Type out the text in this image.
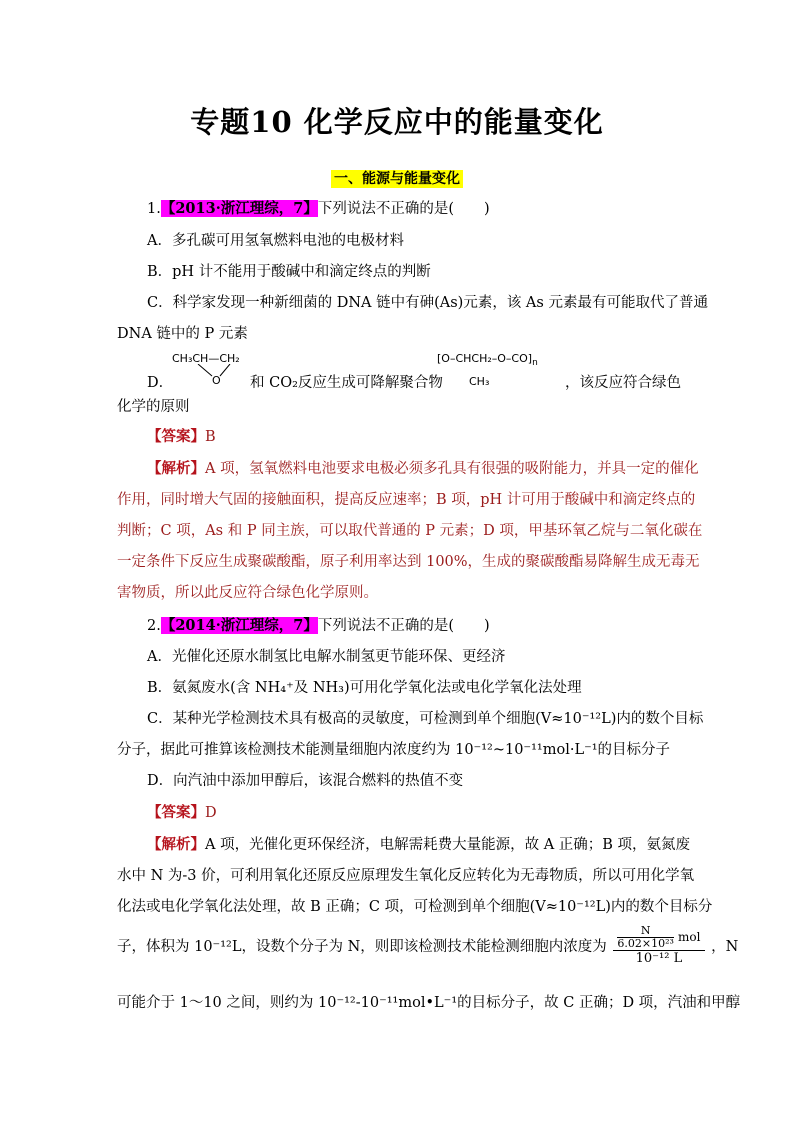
专题10 化学反应中的能量变化
一、能源与能量变化
1.【2013·浙江理综，7】下列说法不正确的是( )
A．多孔碳可用氢氧燃料电池的电极材料
B．pH 计不能用于酸碱中和滴定终点的判断
C．科学家发现一种新细菌的 DNA 链中有砷(As)元素，该 As 元素最有可能取代了普通
DNA 链中的 P 元素
CH₃CH—CH₂
O
D．	和 CO₂反应生成可降解聚合物
$[O-CHCH_2-O-CO]_n$
CH₃	，该反应符合绿色
化学的原则
【答案】B
【解析】A 项，氢氧燃料电池要求电极必须多孔具有很强的吸附能力，并具一定的催化
作用，同时增大气固的接触面积，提高反应速率；B 项，pH 计可用于酸碱中和滴定终点的
判断；C 项，As 和 P 同主族，可以取代普通的 P 元素；D 项，甲基环氧乙烷与二氧化碳在
一定条件下反应生成聚碳酸酯，原子利用率达到 100%，生成的聚碳酸酯易降解生成无毒无
害物质，所以此反应符合绿色化学原则。
2.【2014·浙江理综，7】下列说法不正确的是( )
A．光催化还原水制氢比电解水制氢更节能环保、更经济
B．氨氮废水(含 NH₄⁺及 NH₃)可用化学氧化法或电化学氧化法处理
C．某种光学检测技术具有极高的灵敏度，可检测到单个细胞(V≈10⁻¹²L)内的数个目标
分子，据此可推算该检测技术能测量细胞内浓度约为 10⁻¹²~10⁻¹¹mol·L⁻¹的目标分子
D．向汽油中添加甲醇后，该混合燃料的热值不变
【答案】D
【解析】A 项，光催化更环保经济，电解需耗费大量能源，故 A 正确；B 项，氨氮废
水中 N 为-3 价，可利用氧化还原反应原理发生氧化反应转化为无毒物质，所以可用化学氧
化法或电化学氧化法处理，故 B 正确；C 项，可检测到单个细胞(V≈10⁻¹²L)内的数个目标分
子，体积为 10⁻¹²L，设数个分子为 N，则即该检测技术能检测细胞内浓度为 $\frac{\frac{N}{\text{6.02×10²³}} mol}{\text{10⁻¹² L}}$ ，N
可能介于 1～10 之间，则约为 10⁻¹²-10⁻¹¹mol•L⁻¹的目标分子，故 C 正确；D 项，汽油和甲醇
